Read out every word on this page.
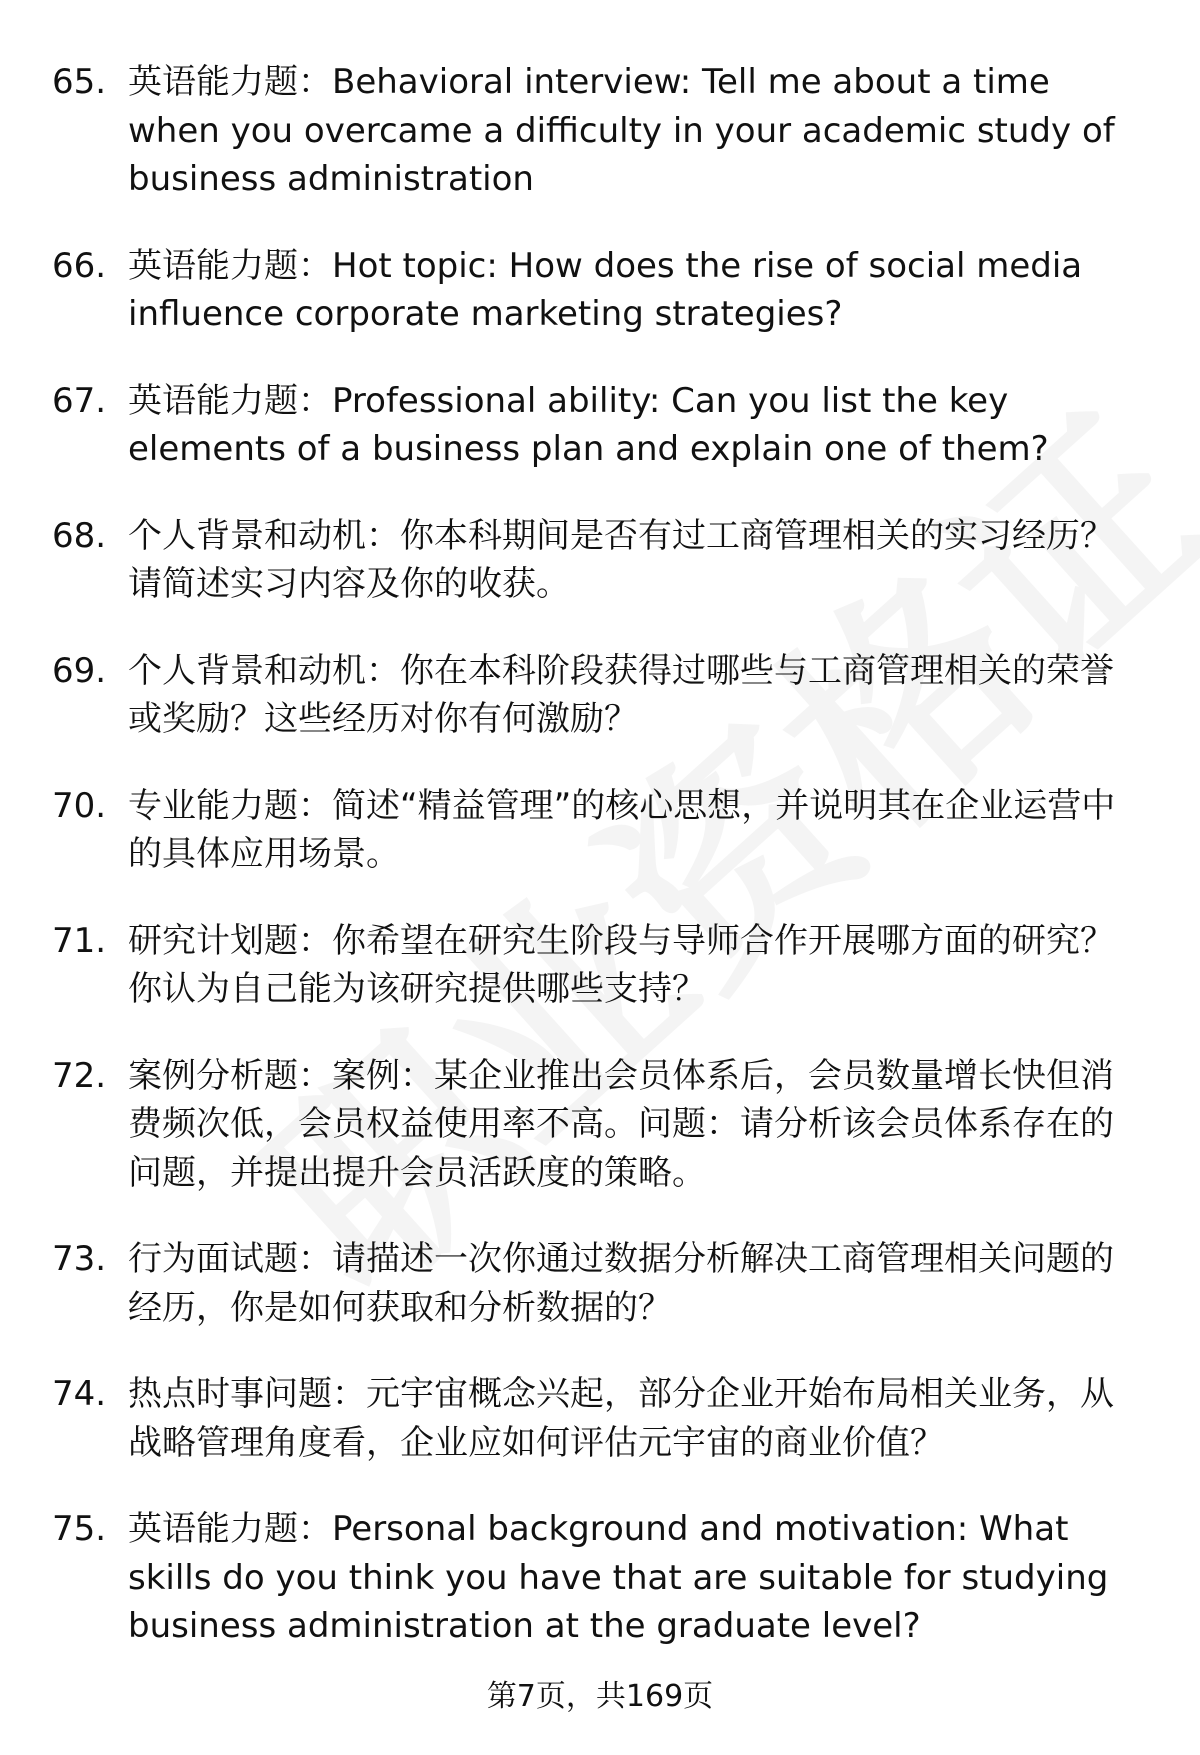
65. 英语能力题：Behavioral interview: Tell me about a time when you overcame a difficulty in your academic study of business administration
66. 英语能力题：Hot topic: How does the rise of social media influence corporate marketing strategies?
67. 英语能力题：Professional ability: Can you list the key elements of a business plan and explain one of them?
68. 个人背景和动机：你本科期间是否有过工商管理相关的实习经历？请简述实习内容及你的收获。
69. 个人背景和动机：你在本科阶段获得过哪些与工商管理相关的荣誉或奖励？这些经历对你有何激励？
70. 专业能力题：简述“精益管理”的核心思想，并说明其在企业运营中的具体应用场景。
71. 研究计划题：你希望在研究生阶段与导师合作开展哪方面的研究？你认为自己能为该研究提供哪些支持？
72. 案例分析题：案例：某企业推出会员体系后，会员数量增长快但消费频次低，会员权益使用率不高。问题：请分析该会员体系存在的问题，并提出提升会员活跃度的策略。
73. 行为面试题：请描述一次你通过数据分析解决工商管理相关问题的经历，你是如何获取和分析数据的？
74. 热点时事问题：元宇宙概念兴起，部分企业开始布局相关业务，从战略管理角度看，企业应如何评估元宇宙的商业价值？
75. 英语能力题：Personal background and motivation: What skills do you think you have that are suitable for studying business administration at the graduate level?
第7页，共169页
